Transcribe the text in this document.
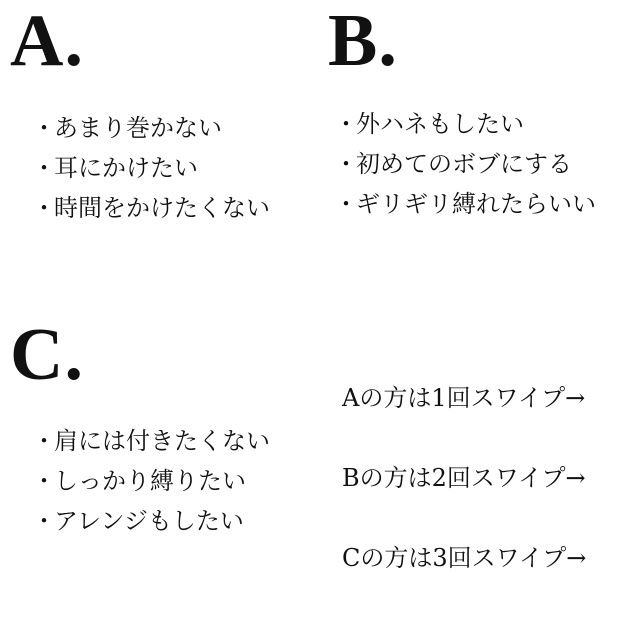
A.
・あまり巻かない
・耳にかけたい
・時間をかけたくない
B.
・外ハネもしたい
・初めてのボブにする
・ギリギリ縛れたらいい
C.
・肩には付きたくない
・しっかり縛りたい
・アレンジもしたい
Aの方は1回スワイプ→
Bの方は2回スワイプ→
Cの方は3回スワイプ→
